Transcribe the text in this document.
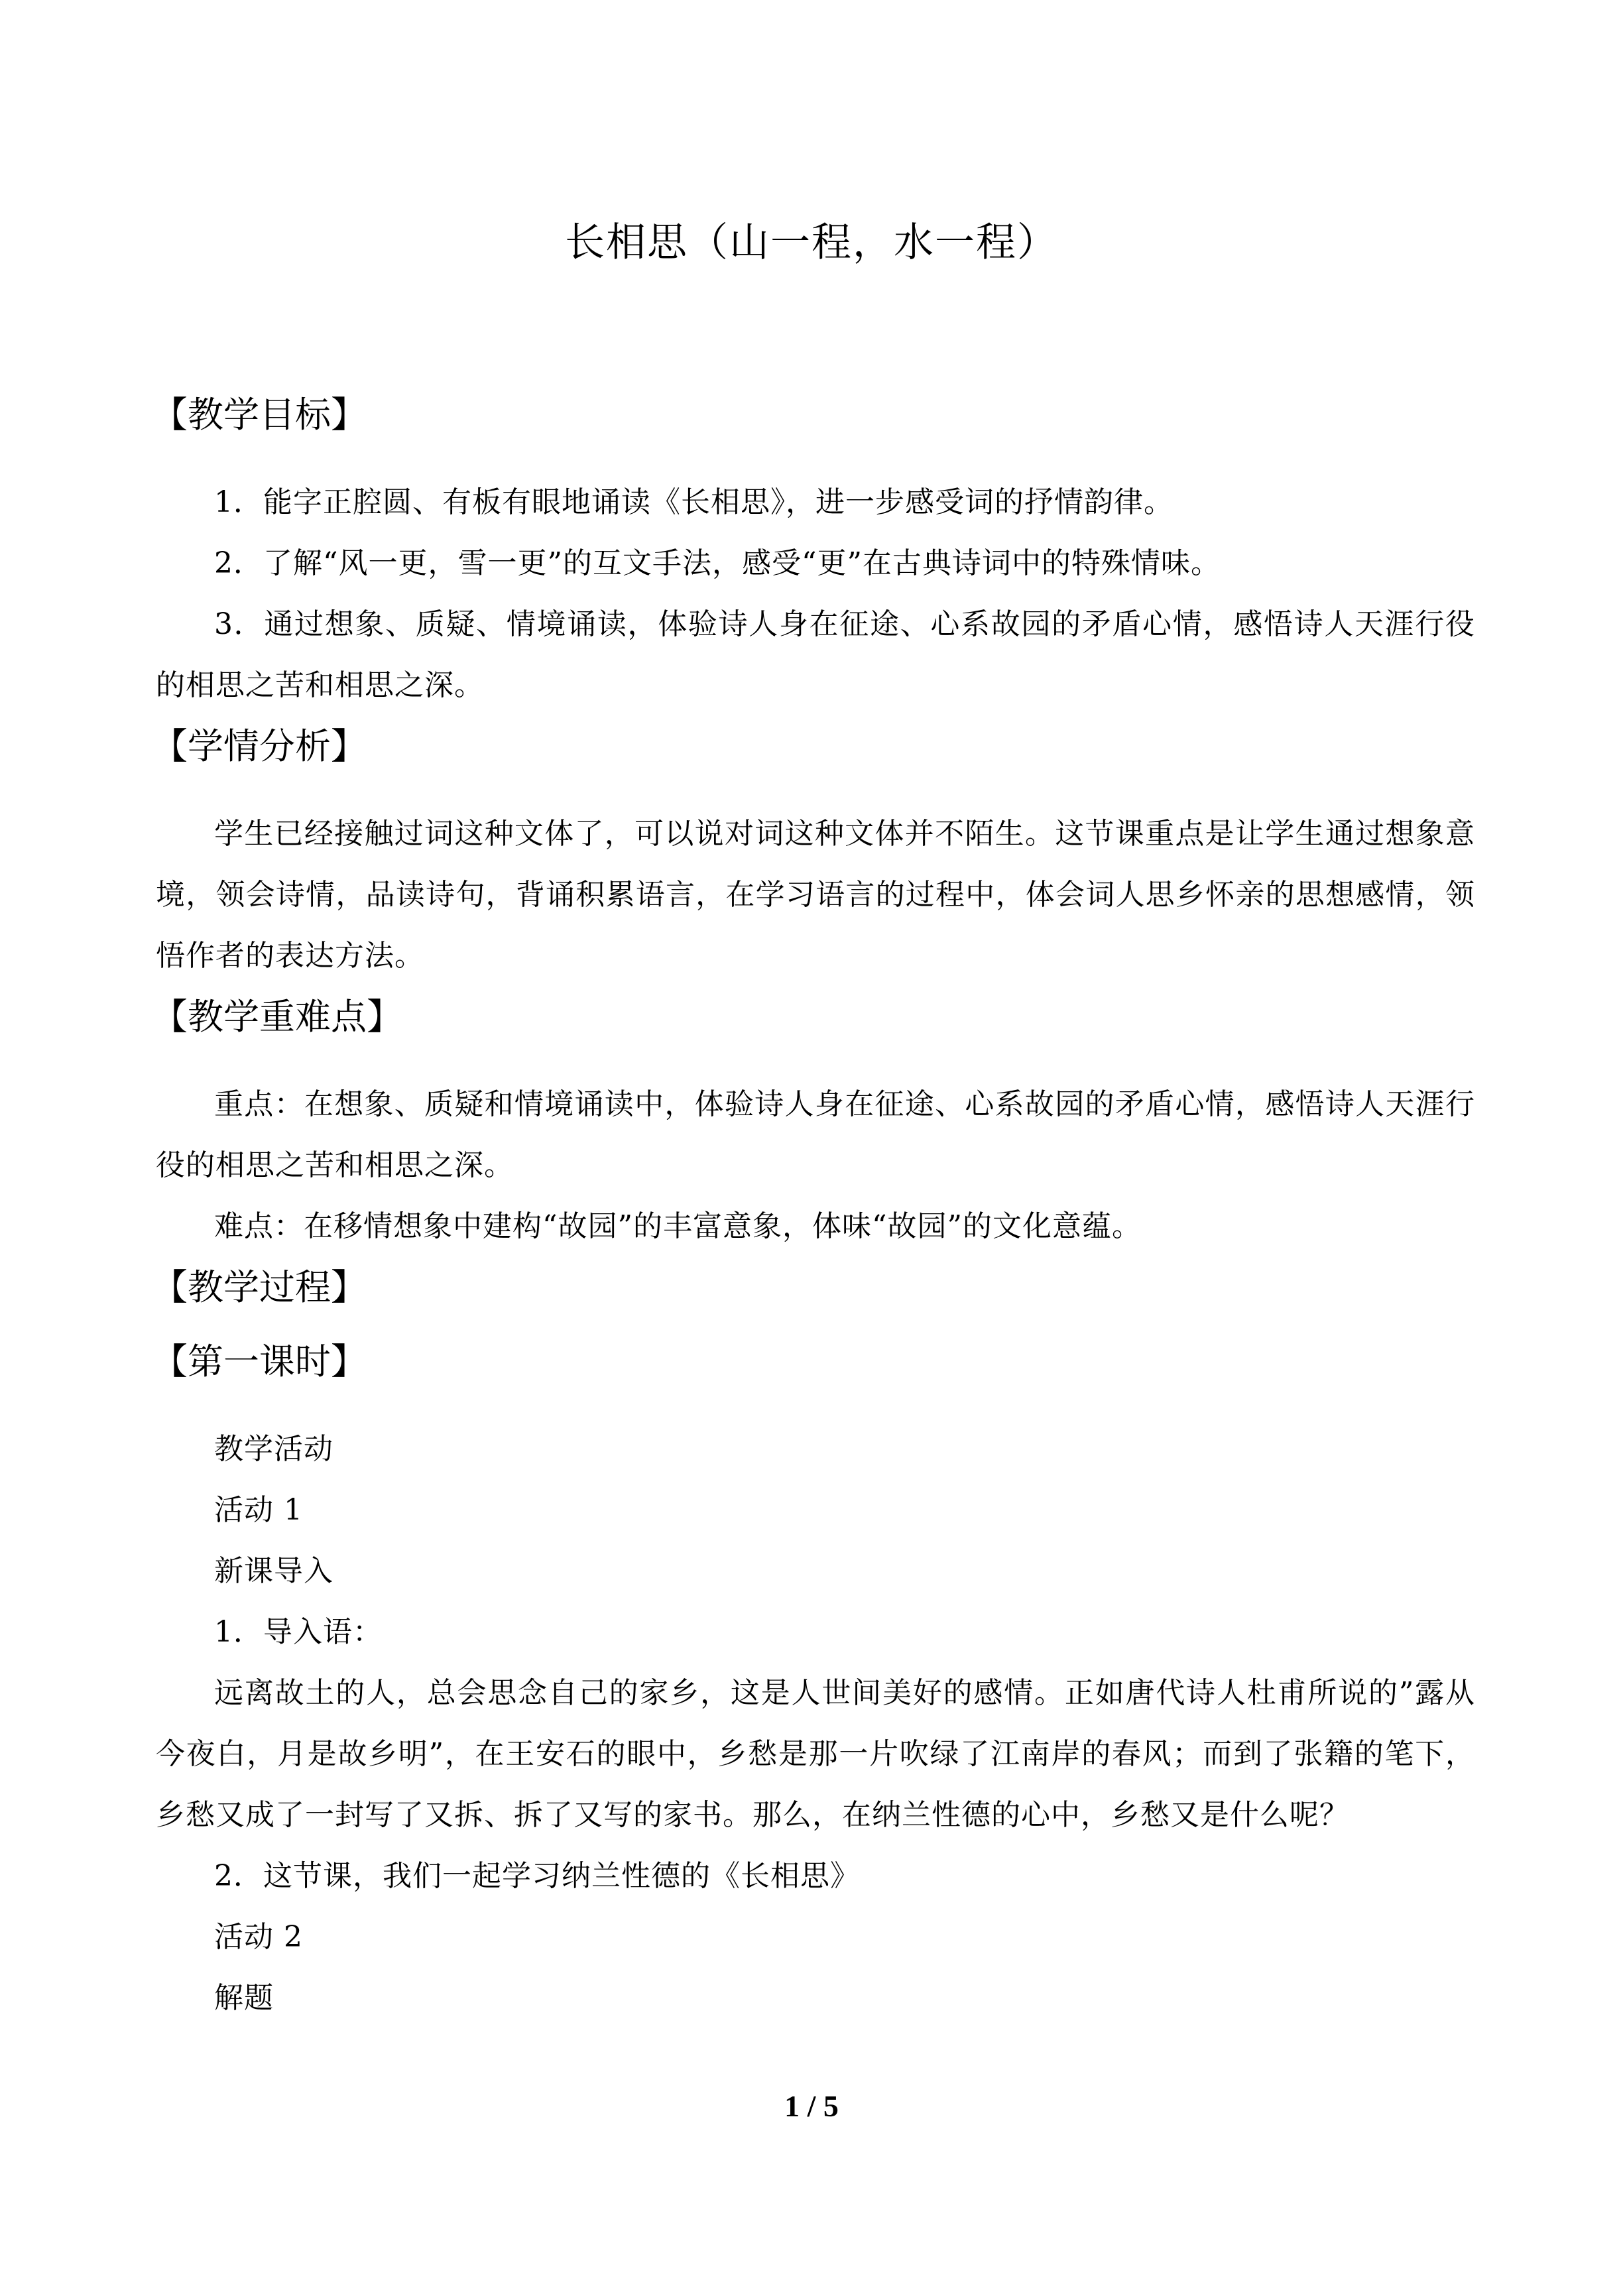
长相思（山一程，水一程）
【教学目标】
1．能字正腔圆、有板有眼地诵读《长相思》，进一步感受词的抒情韵律。
2．了解“风一更，雪一更”的互文手法，感受“更”在古典诗词中的特殊情味。
3．通过想象、质疑、情境诵读，体验诗人身在征途、心系故园的矛盾心情，感悟诗人天涯行役的相思之苦和相思之深。
【学情分析】
学生已经接触过词这种文体了，可以说对词这种文体并不陌生。这节课重点是让学生通过想象意境，领会诗情，品读诗句，背诵积累语言，在学习语言的过程中，体会词人思乡怀亲的思想感情，领悟作者的表达方法。
【教学重难点】
重点：在想象、质疑和情境诵读中，体验诗人身在征途、心系故园的矛盾心情，感悟诗人天涯行役的相思之苦和相思之深。
难点：在移情想象中建构“故园”的丰富意象，体味“故园”的文化意蕴。
【教学过程】
【第一课时】
教学活动
活动 1
新课导入
1．导入语：
远离故土的人，总会思念自己的家乡，这是人世间美好的感情。正如唐代诗人杜甫所说的”露从今夜白，月是故乡明”，在王安石的眼中，乡愁是那一片吹绿了江南岸的春风；而到了张籍的笔下，乡愁又成了一封写了又拆、拆了又写的家书。那么，在纳兰性德的心中，乡愁又是什么呢？
2．这节课，我们一起学习纳兰性德的《长相思》
活动 2
解题
1 / 5
